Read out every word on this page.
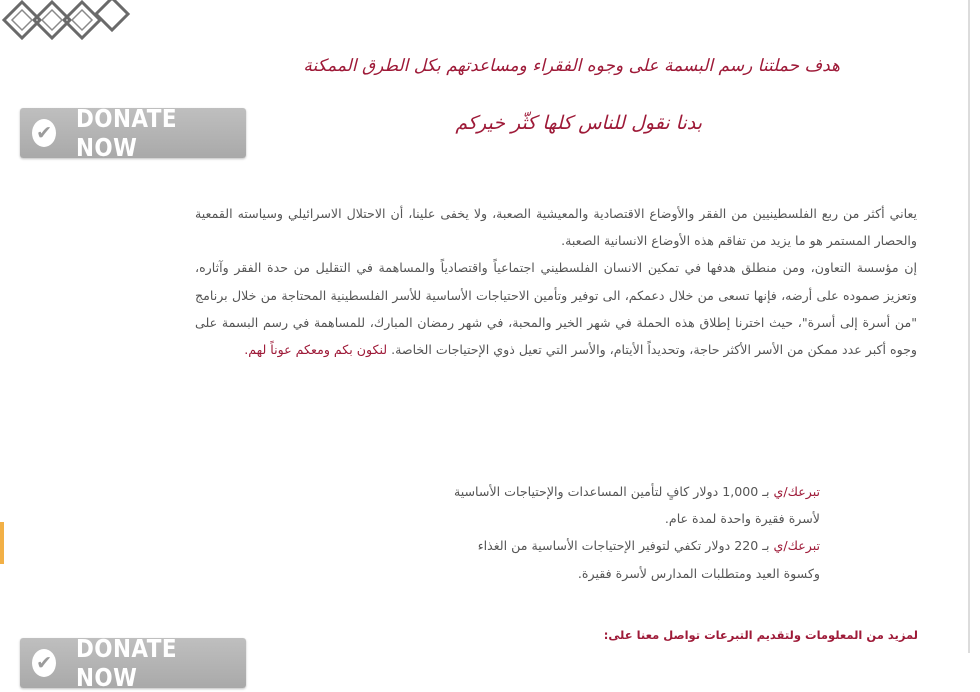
✔ DONATE NOW
هدف حملتنا رسم البسمة على وجوه الفقراء ومساعدتهم بكل الطرق الممكنة
بدنا نقول للناس كلها كثّر خيركم

يعاني أكثر من ربع الفلسطينيين من الفقر والأوضاع الاقتصادية والمعيشية الصعبة، ولا يخفى علينا، أن الاحتلال الاسرائيلي وسياسته القمعية والحصار المستمر هو ما يزيد من تفاقم هذه الأوضاع الانسانية الصعبة.

إن مؤسسة التعاون، ومن منطلق هدفها في تمكين الانسان الفلسطيني اجتماعياً واقتصادياً والمساهمة في التقليل من حدة الفقر وآثاره، وتعزيز صموده على أرضه، فإنها تسعى من خلال دعمكم، الى توفير وتأمين الاحتياجات الأساسية للأسر الفلسطينية المحتاجة من خلال برنامج "من أسرة إلى أسرة"، حيث اخترنا إطلاق هذه الحملة في شهر الخير والمحبة، في شهر رمضان المبارك، للمساهمة في رسم البسمة على وجوه أكبر عدد ممكن من الأسر الأكثر حاجة، وتحديداً الأيتام، والأسر التي تعيل ذوي الإحتياجات الخاصة. لنكون بكم ومعكم عوناً لهم.

تبرعك/ي بـ 1,000 دولار كافٍ لتأمين المساعدات والإحتياجات الأساسية

لأسرة فقيرة واحدة لمدة عام.

تبرعك/ي بـ 220 دولار تكفي لتوفير الإحتياجات الأساسية من الغذاء

وكسوة العيد ومتطلبات المدارس لأسرة فقيرة.

لمزيد من المعلومات ولتقديم التبرعات تواصل معنا على:
✔ DONATE NOW
